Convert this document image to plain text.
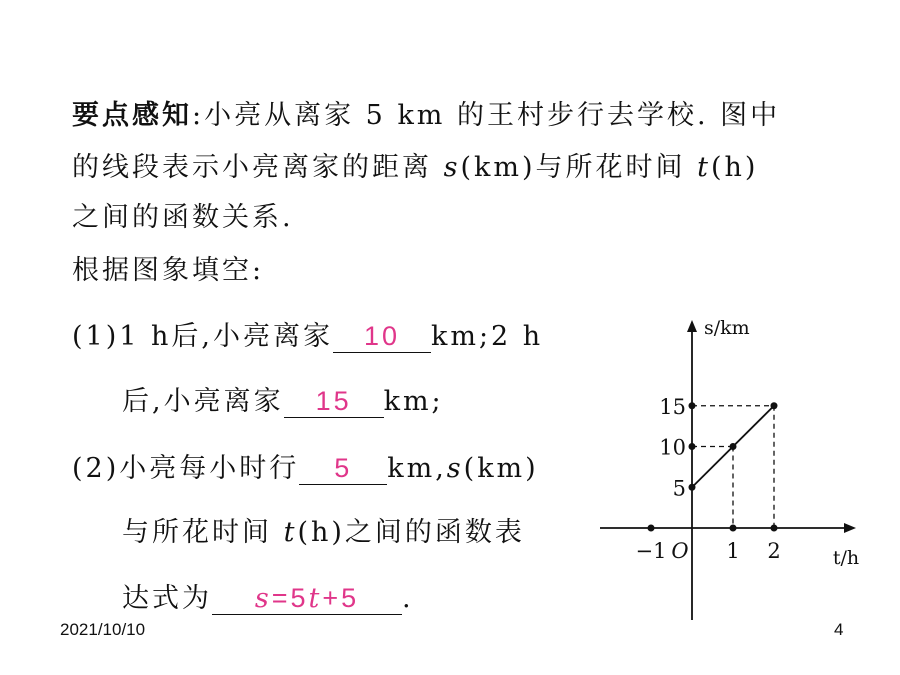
要点感知:小亮从离家 5 km 的王村步行去学校. 图中
的线段表示小亮离家的距离 s(km)与所花时间 t(h)
之间的函数关系.
根据图象填空:
(1)1 h后,小亮离家 10 km;2 h
后,小亮离家 15 km;
(2)小亮每小时行 5 km,s(km)
与所花时间 t(h)之间的函数表
达式为 s=5t+5 .
−1	1 2
5
10
15
O
s/km
t/h
2021/10/10	4
